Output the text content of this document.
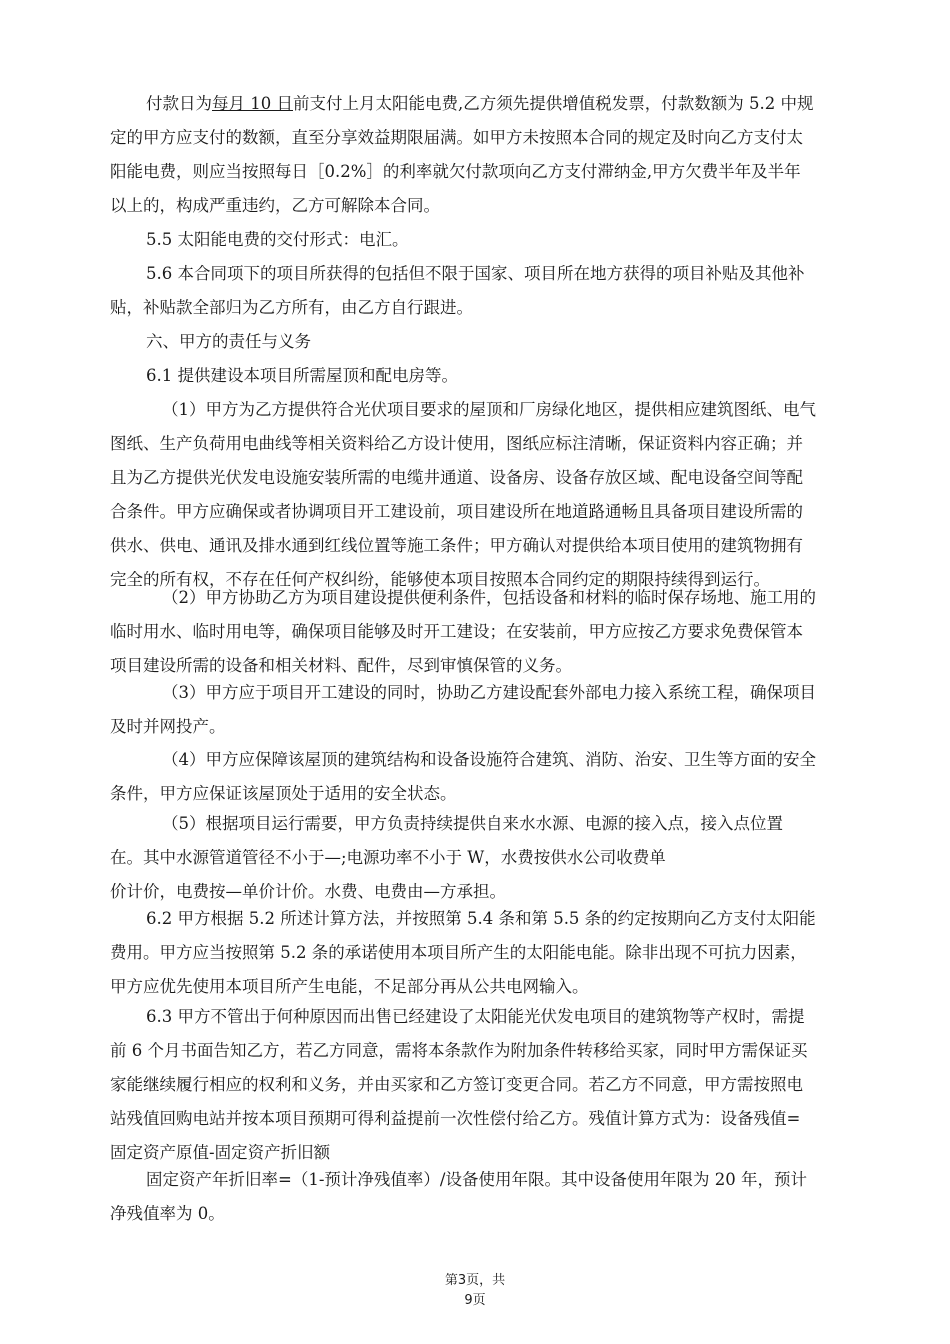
付款日为每月 10 日前支付上月太阳能电费,乙方须先提供增值税发票，付款数额为 5.2 中规
定的甲方应支付的数额，直至分享效益期限届满。如甲方未按照本合同的规定及时向乙方支付太
阳能电费，则应当按照每日［0.2%］的利率就欠付款项向乙方支付滞纳金,甲方欠费半年及半年
以上的，构成严重违约，乙方可解除本合同。
5.5 太阳能电费的交付形式：电汇。
5.6 本合同项下的项目所获得的包括但不限于国家、项目所在地方获得的项目补贴及其他补
贴，补贴款全部归为乙方所有，由乙方自行跟进。
六、甲方的责任与义务
6.1 提供建设本项目所需屋顶和配电房等。
（1）甲方为乙方提供符合光伏项目要求的屋顶和厂房绿化地区，提供相应建筑图纸、电气
图纸、生产负荷用电曲线等相关资料给乙方设计使用，图纸应标注清晰，保证资料内容正确；并
且为乙方提供光伏发电设施安装所需的电缆井通道、设备房、设备存放区域、配电设备空间等配
合条件。甲方应确保或者协调项目开工建设前，项目建设所在地道路通畅且具备项目建设所需的
供水、供电、通讯及排水通到红线位置等施工条件；甲方确认对提供给本项目使用的建筑物拥有
完全的所有权，不存在任何产权纠纷，能够使本项目按照本合同约定的期限持续得到运行。
（2）甲方协助乙方为项目建设提供便利条件，包括设备和材料的临时保存场地、施工用的
临时用水、临时用电等，确保项目能够及时开工建设；在安装前，甲方应按乙方要求免费保管本
项目建设所需的设备和相关材料、配件，尽到审慎保管的义务。
（3）甲方应于项目开工建设的同时，协助乙方建设配套外部电力接入系统工程，确保项目
及时并网投产。
（4）甲方应保障该屋顶的建筑结构和设备设施符合建筑、消防、治安、卫生等方面的安全
条件，甲方应保证该屋顶处于适用的安全状态。
（5）根据项目运行需要，甲方负责持续提供自来水水源、电源的接入点，接入点位置
在。其中水源管道管径不小于—;电源功率不小于 W，水费按供水公司收费单
价计价，电费按—单价计价。水费、电费由—方承担。
6.2 甲方根据 5.2 所述计算方法，并按照第 5.4 条和第 5.5 条的约定按期向乙方支付太阳能
费用。甲方应当按照第 5.2 条的承诺使用本项目所产生的太阳能电能。除非出现不可抗力因素，
甲方应优先使用本项目所产生电能，不足部分再从公共电网输入。
6.3 甲方不管出于何种原因而出售已经建设了太阳能光伏发电项目的建筑物等产权时，需提
前 6 个月书面告知乙方，若乙方同意，需将本条款作为附加条件转移给买家，同时甲方需保证买
家能继续履行相应的权利和义务，并由买家和乙方签订变更合同。若乙方不同意，甲方需按照电
站残值回购电站并按本项目预期可得利益提前一次性偿付给乙方。残值计算方式为：设备残值=
固定资产原值-固定资产折旧额
固定资产年折旧率=（1-预计净残值率）/设备使用年限。其中设备使用年限为 20 年，预计
净残值率为 0。
第3页，共
9页
